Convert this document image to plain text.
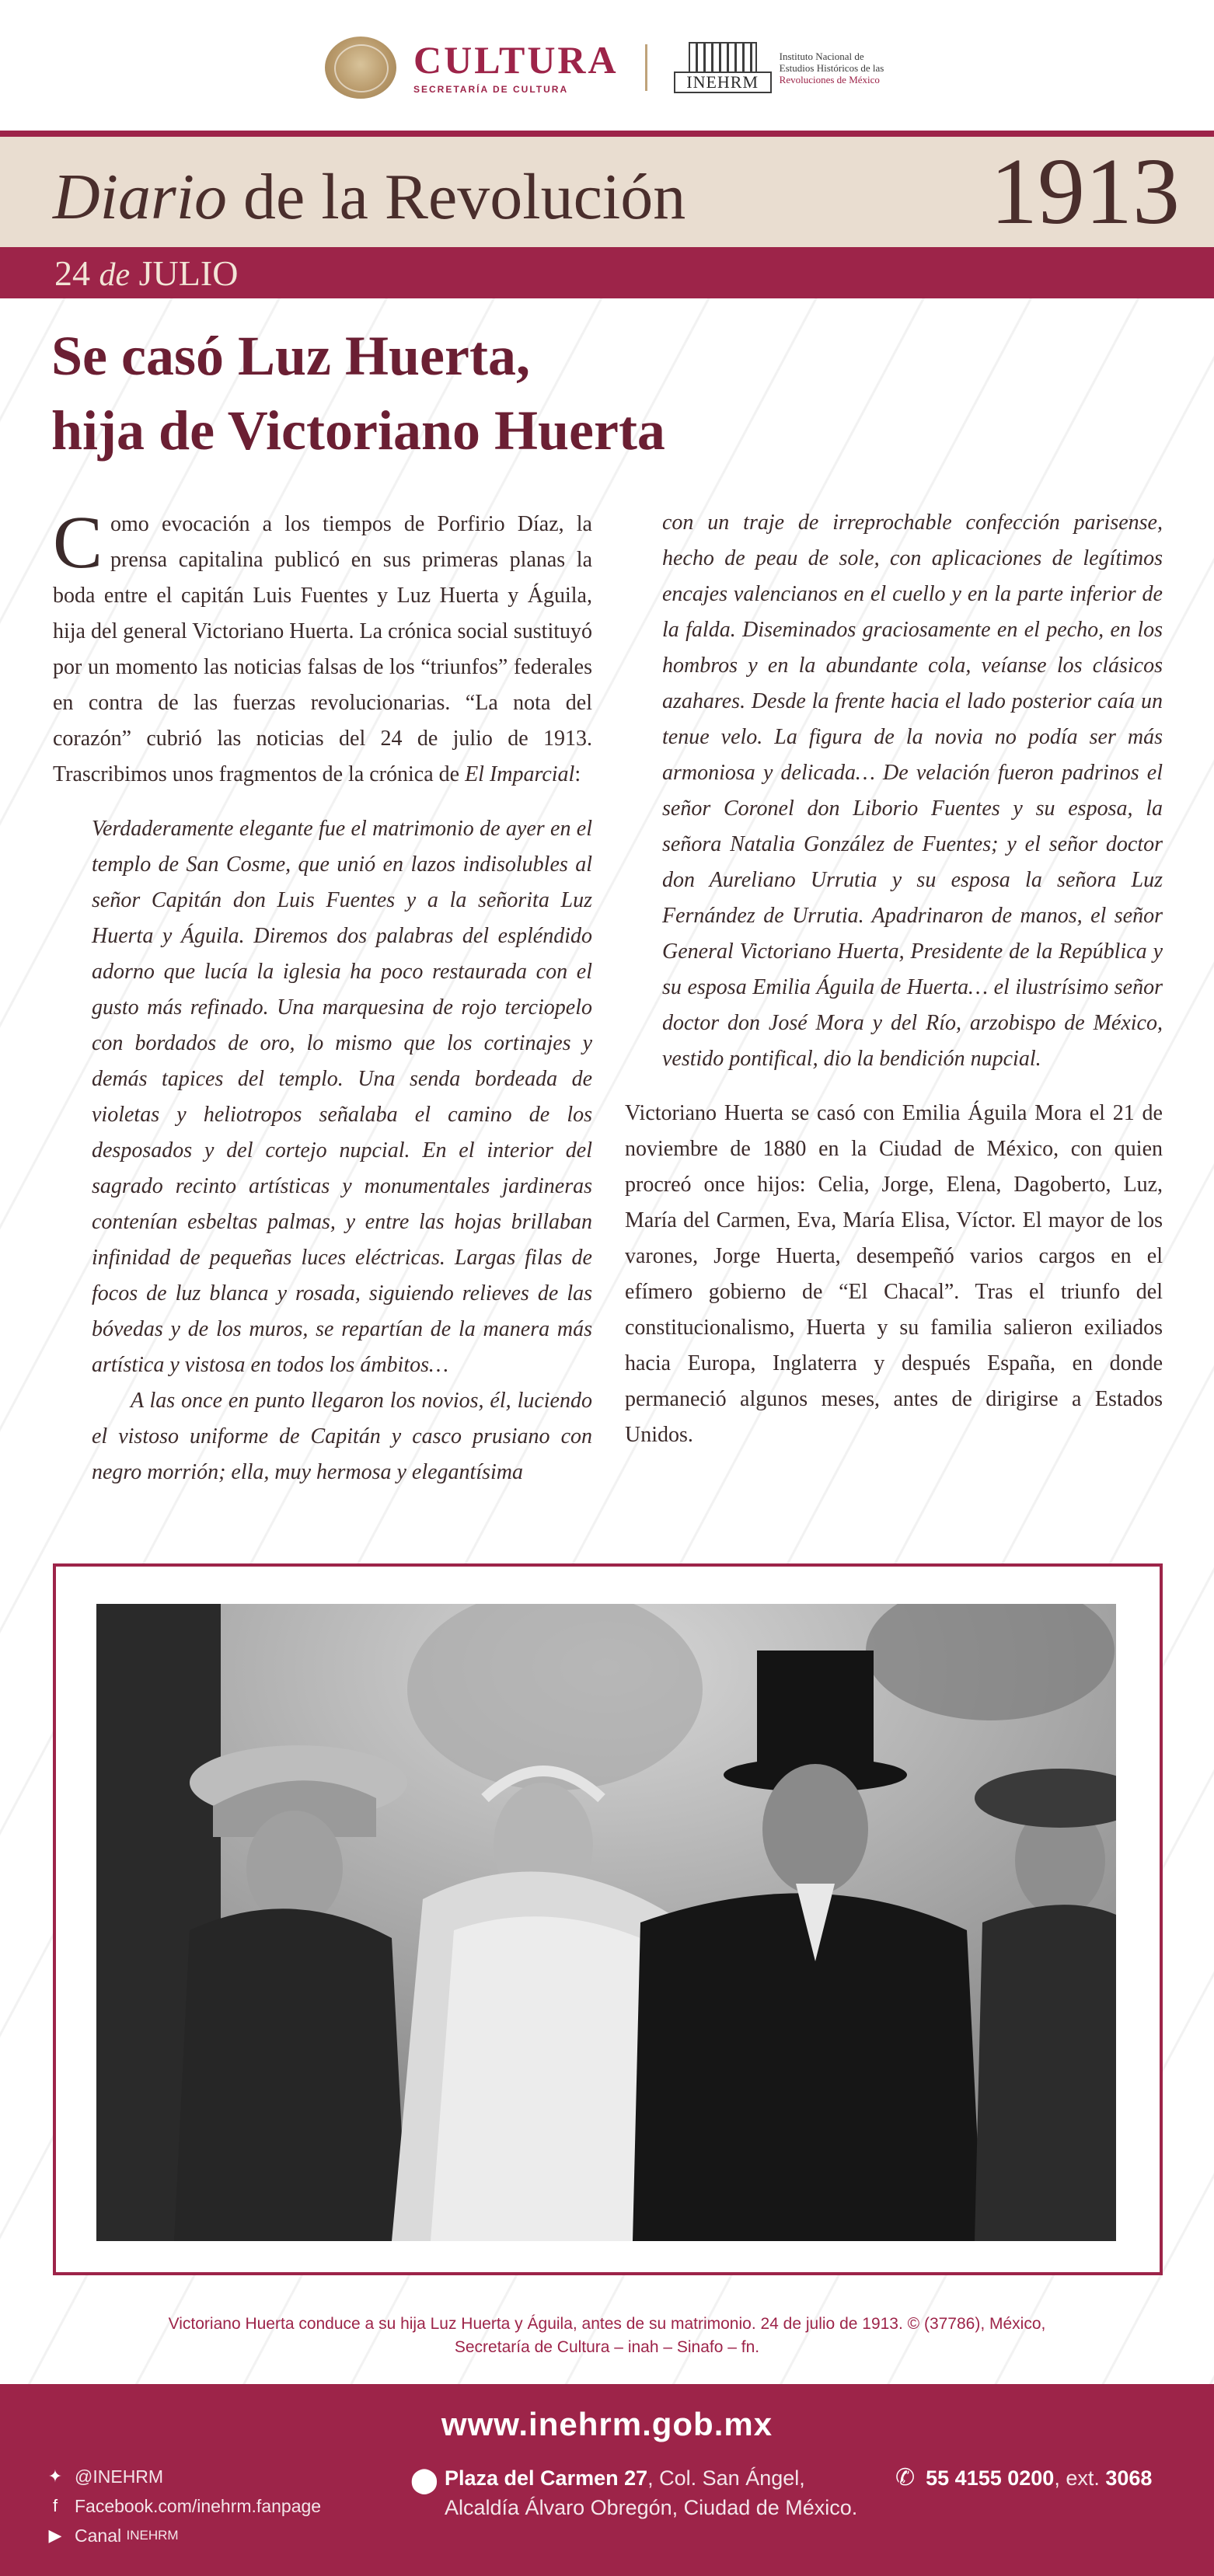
CULTURA
SECRETARÍA DE CULTURA	INEHRM
Instituto Nacional de
Estudios Históricos de las
Revoluciones de México
Diario de la Revolución	1913
24 de JULIO
Se casó Luz Huerta,
hija de Victoriano Huerta

Como evocación a los tiempos de Porfirio Díaz, la prensa capitalina publicó en sus primeras planas la boda entre el capitán Luis Fuentes y Luz Huerta y Águila, hija del general Victoriano Huerta. La crónica social sustituyó por un momento las noticias falsas de los “triunfos” federales en contra de las fuerzas revolucionarias. “La nota del corazón” cubrió las noticias del 24 de julio de 1913. Trascribimos unos fragmentos de la crónica de El Imparcial:

Verdaderamente elegante fue el matrimonio de ayer en el templo de San Cosme, que unió en lazos indisolubles al señor Capitán don Luis Fuentes y a la señorita Luz Huerta y Águila. Diremos dos palabras del espléndido adorno que lucía la iglesia ha poco restaurada con el gusto más refinado. Una marquesina de rojo terciopelo con bordados de oro, lo mismo que los cortinajes y demás tapices del templo. Una senda bordeada de violetas y heliotropos señalaba el camino de los desposados y del cortejo nupcial. En el interior del sagrado recinto artísticas y monumentales jardineras contenían esbeltas palmas, y entre las hojas brillaban infinidad de pequeñas luces eléctricas. Largas filas de focos de luz blanca y rosada, siguiendo relieves de las bóvedas y de los muros, se repartían de la manera más artística y vistosa en todos los ámbitos…
A las once en punto llegaron los novios, él, luciendo el vistoso uniforme de Capitán y casco prusiano con negro morrión; ella, muy hermosa y elegantísima

con un traje de irreprochable confección parisense, hecho de peau de sole, con aplicaciones de legítimos encajes valencianos en el cuello y en la parte inferior de la falda. Diseminados graciosamente en el pecho, en los hombros y en la abundante cola, veíanse los clásicos azahares. Desde la frente hacia el lado posterior caía un tenue velo. La figura de la novia no podía ser más armoniosa y delicada… De velación fueron padrinos el señor Coronel don Liborio Fuentes y su esposa, la señora Natalia González de Fuentes; y el señor doctor don Aureliano Urrutia y su esposa la señora Luz Fernández de Urrutia. Apadrinaron de manos, el señor General Victoriano Huerta, Presidente de la República y su esposa Emilia Águila de Huerta… el ilustrísimo señor doctor don José Mora y del Río, arzobispo de México, vestido pontifical, dio la bendición nupcial.

Victoriano Huerta se casó con Emilia Águila Mora el 21 de noviembre de 1880 en la Ciudad de México, con quien procreó once hijos: Celia, Jorge, Elena, Dagoberto, Luz, María del Carmen, Eva, María Elisa, Víctor. El mayor de los varones, Jorge Huerta, desempeñó varios cargos en el efímero gobierno de “El Chacal”. Tras el triunfo del constitucionalismo, Huerta y su familia salieron exiliados hacia Europa, Inglaterra y después España, en donde permaneció algunos meses, antes de dirigirse a Estados Unidos.

Victoriano Huerta conduce a su hija Luz Huerta y Águila, antes de su matrimonio. 24 de julio de 1913. © (37786), México,
Secretaría de Cultura – inah – Sinafo – fn.
www.inehrm.gob.mx
✦ @INEHRM
f Facebook.com/inehrm.fanpage
▶ Canal
INEHRM
⬤ Plaza del Carmen 27, Col. San Ángel,
Alcaldía Álvaro Obregón, Ciudad de México.
✆ 55 4155 0200, ext. 3068
